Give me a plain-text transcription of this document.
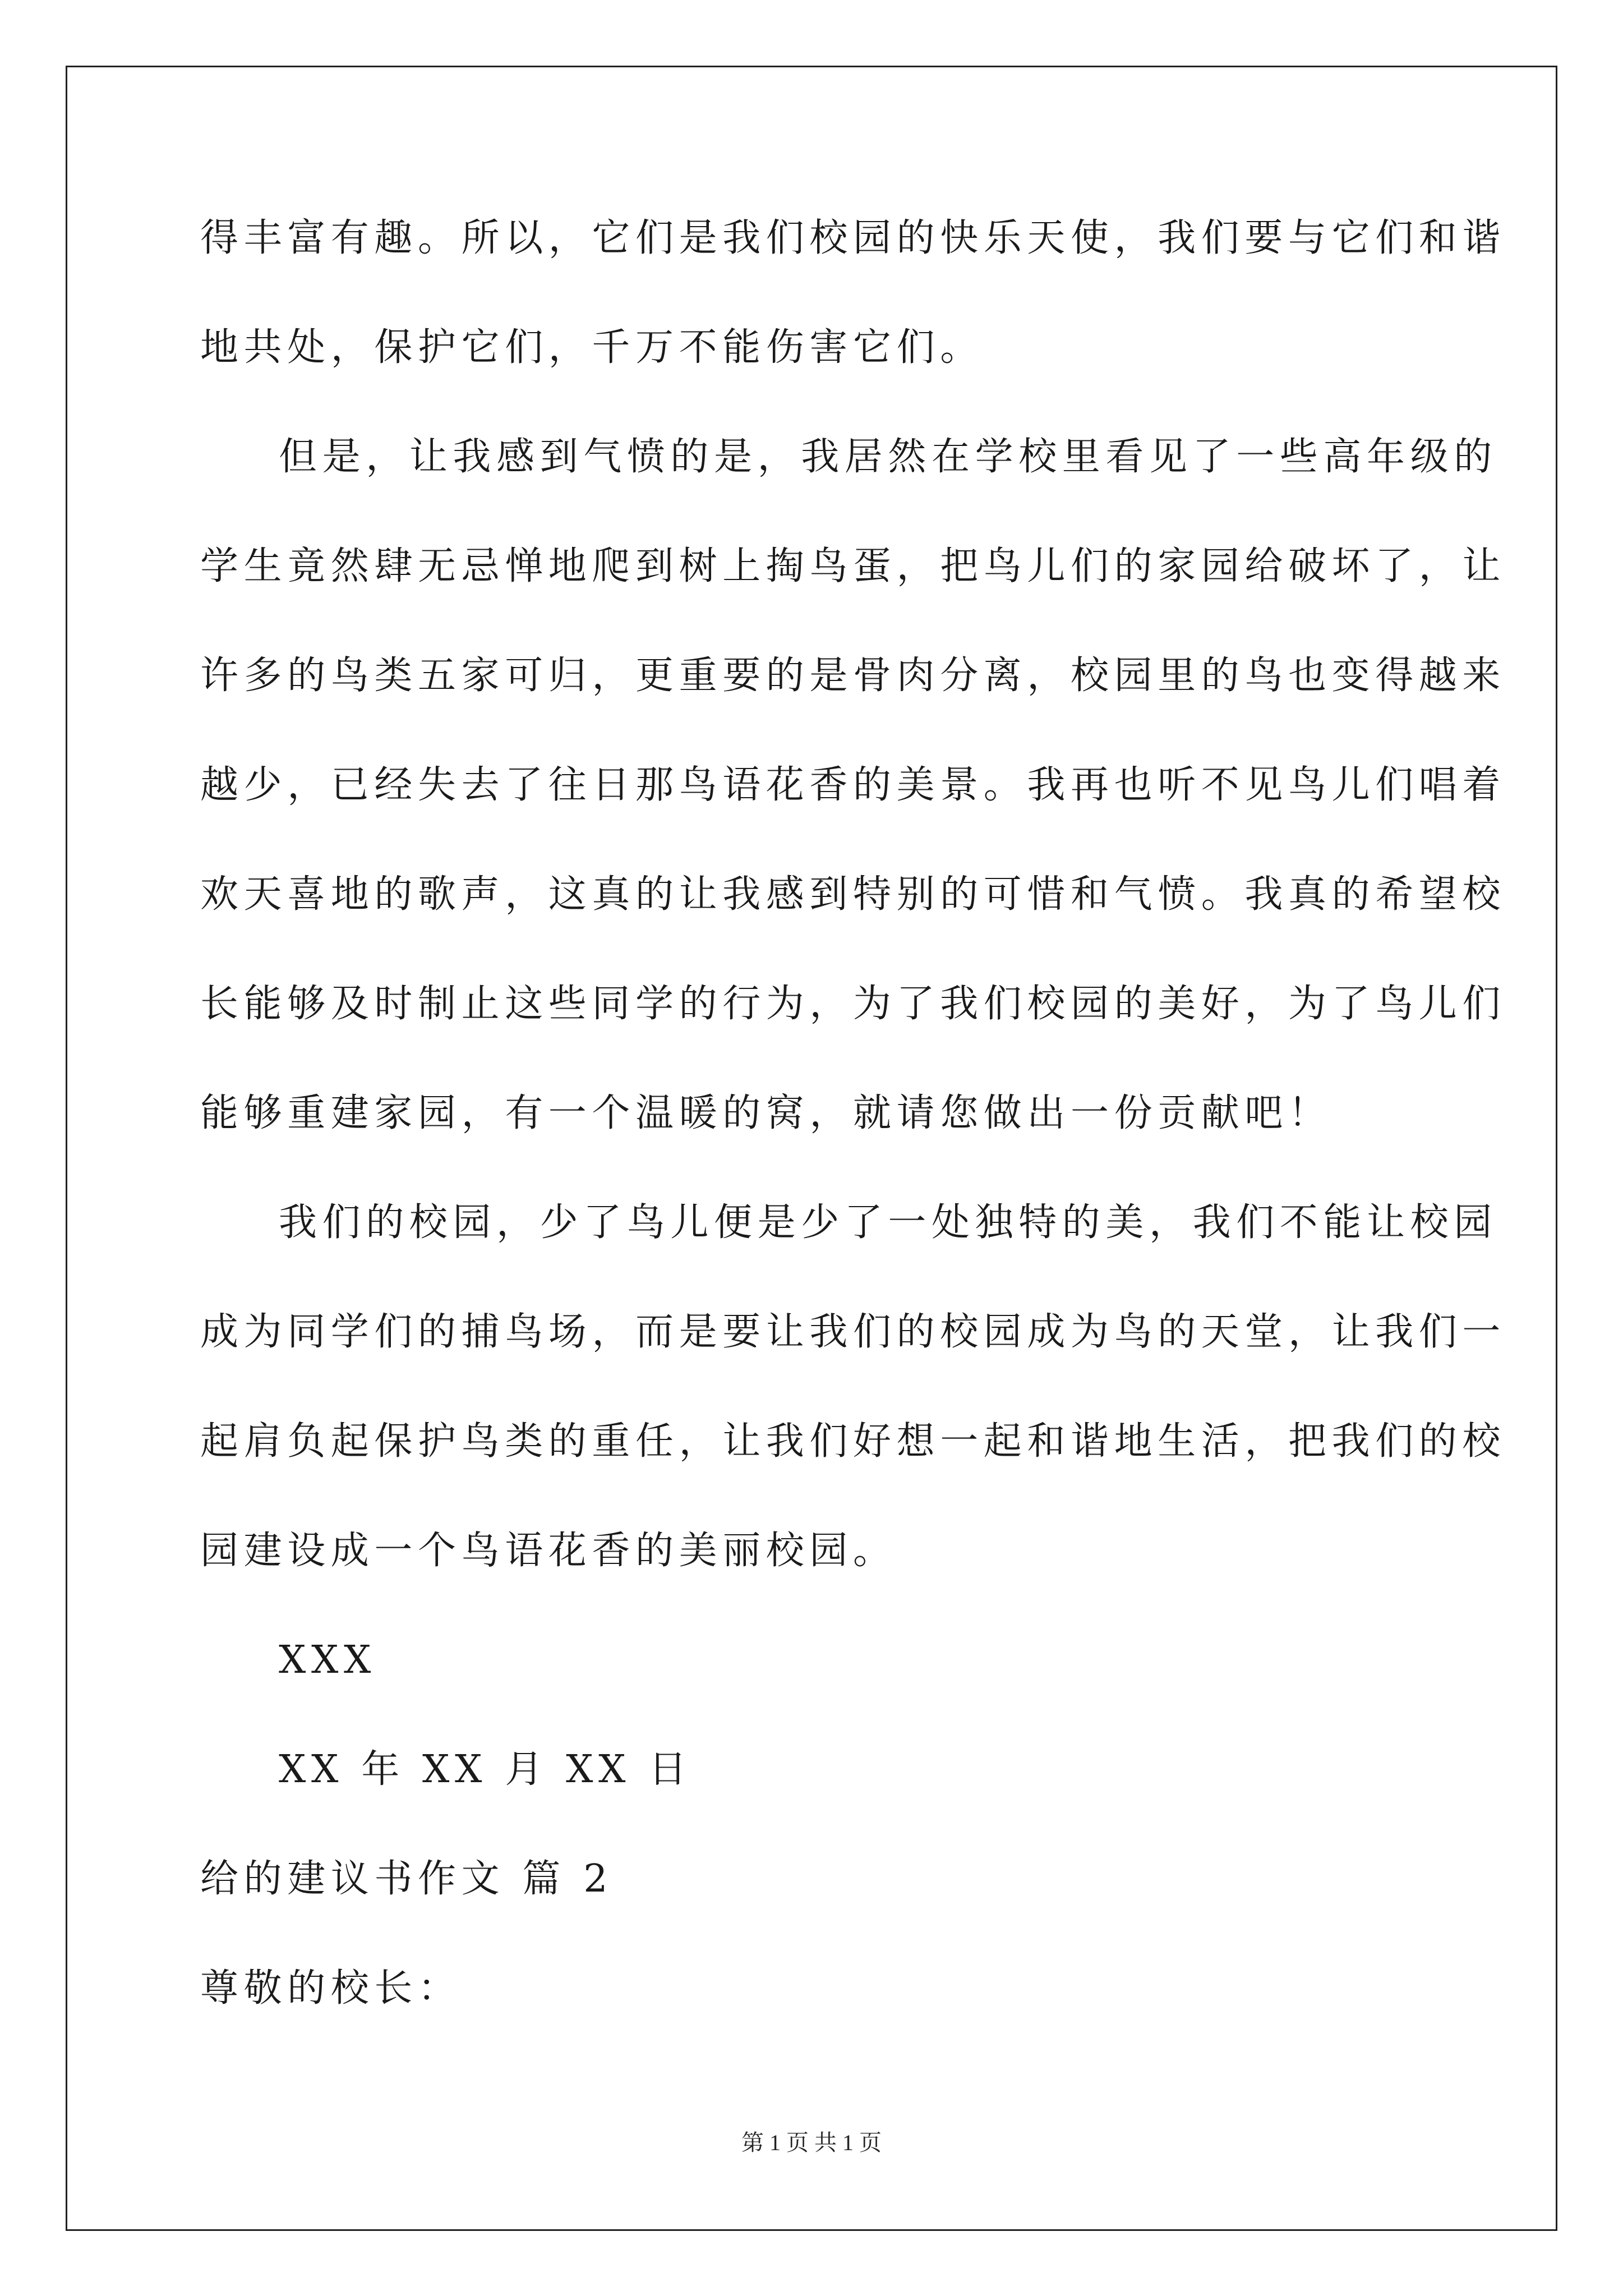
得丰富有趣。所以，它们是我们校园的快乐天使，我们要与它们和谐
地共处，保护它们，千万不能伤害它们。
但是，让我感到气愤的是，我居然在学校里看见了一些高年级的
学生竟然肆无忌惮地爬到树上掏鸟蛋，把鸟儿们的家园给破坏了，让
许多的鸟类五家可归，更重要的是骨肉分离，校园里的鸟也变得越来
越少，已经失去了往日那鸟语花香的美景。我再也听不见鸟儿们唱着
欢天喜地的歌声，这真的让我感到特别的可惜和气愤。我真的希望校
长能够及时制止这些同学的行为，为了我们校园的美好，为了鸟儿们
能够重建家园，有一个温暖的窝，就请您做出一份贡献吧！
我们的校园，少了鸟儿便是少了一处独特的美，我们不能让校园
成为同学们的捕鸟场，而是要让我们的校园成为鸟的天堂，让我们一
起肩负起保护鸟类的重任，让我们好想一起和谐地生活，把我们的校
园建设成一个鸟语花香的美丽校园。
XXX
XX 年 XX 月 XX 日
给的建议书作文 篇 2
尊敬的校长：
第 1 页 共 1 页
